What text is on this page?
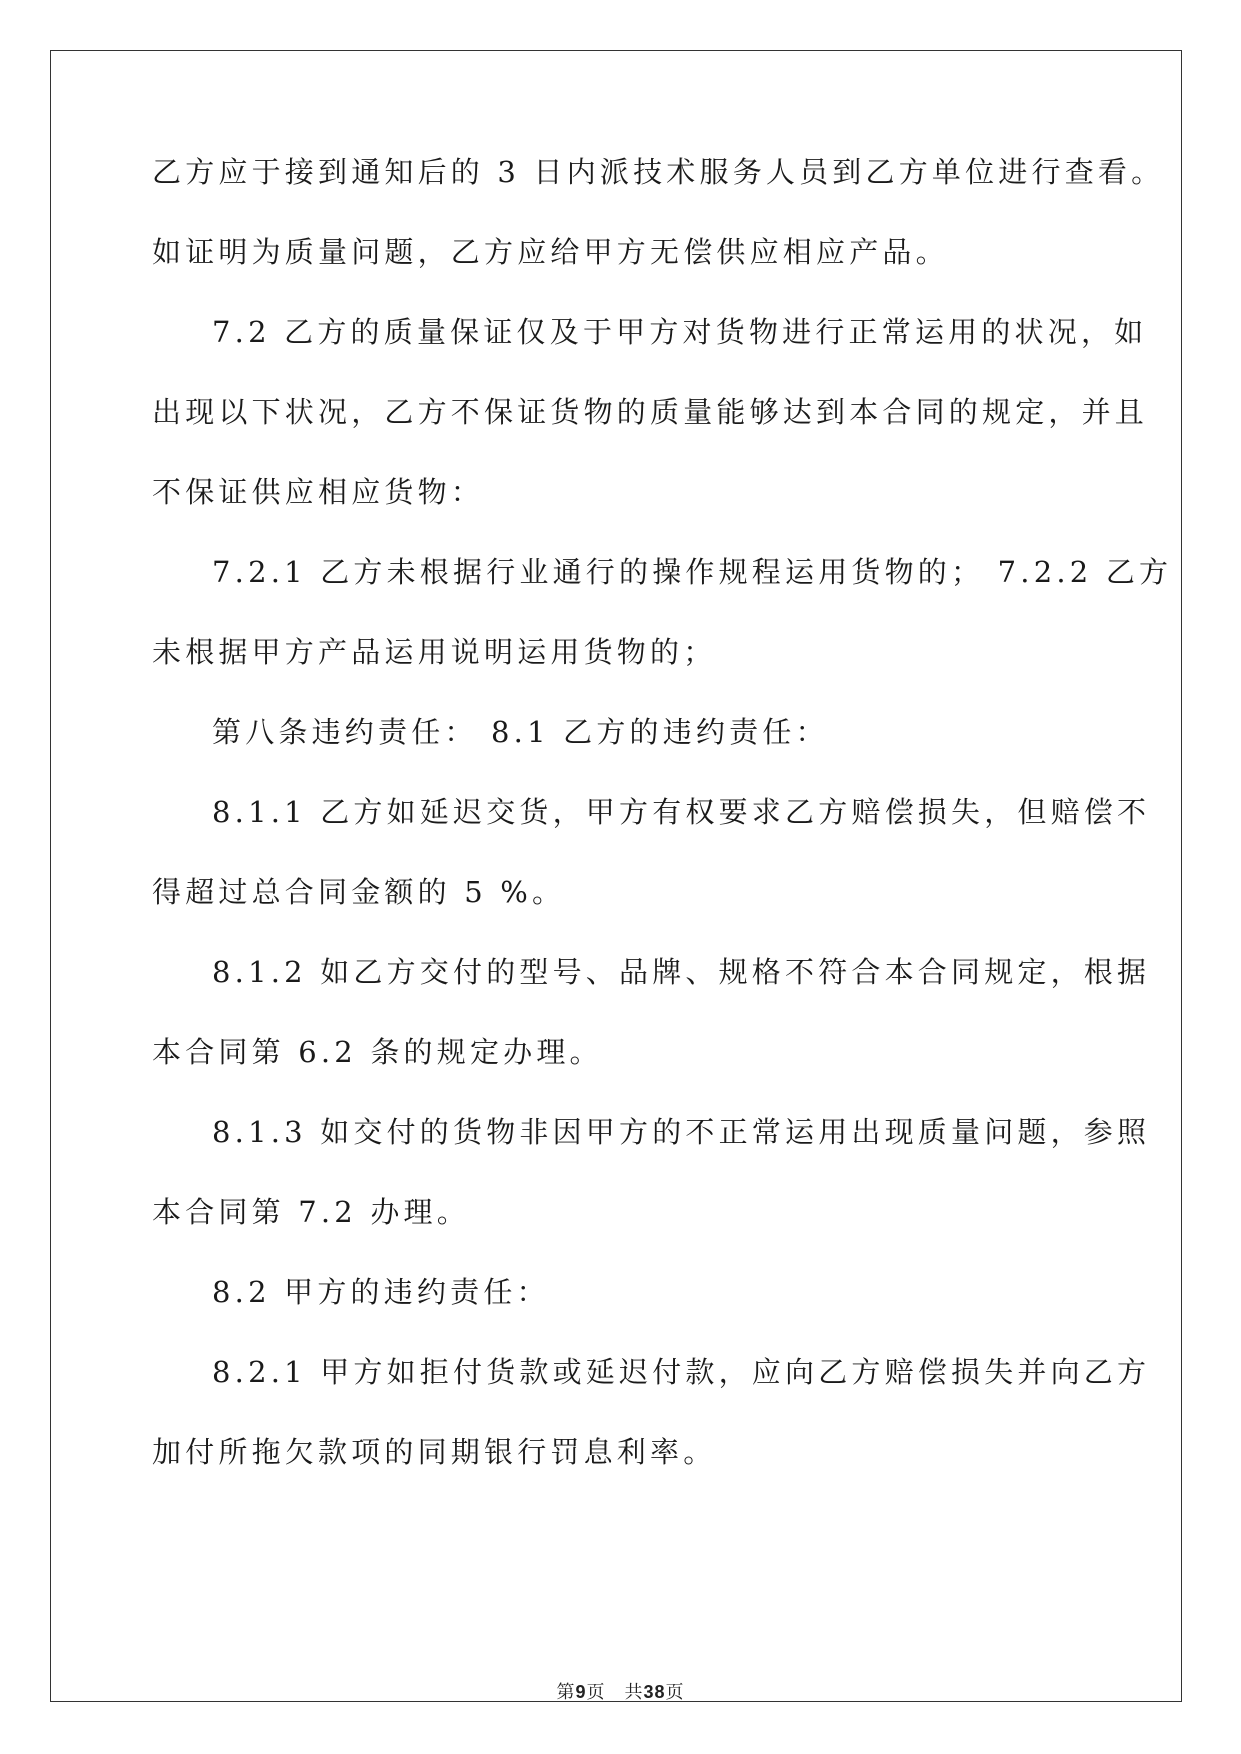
乙方应于接到通知后的 3 日内派技术服务人员到乙方单位进行查看。
如证明为质量问题，乙方应给甲方无偿供应相应产品。
7.2 乙方的质量保证仅及于甲方对货物进行正常运用的状况，如
出现以下状况，乙方不保证货物的质量能够达到本合同的规定，并且
不保证供应相应货物：
7.2.1 乙方未根据行业通行的操作规程运用货物的； 7.2.2 乙方
未根据甲方产品运用说明运用货物的；
第八条违约责任： 8.1 乙方的违约责任：
8.1.1 乙方如延迟交货，甲方有权要求乙方赔偿损失，但赔偿不
得超过总合同金额的 5 %。
8.1.2 如乙方交付的型号、品牌、规格不符合本合同规定，根据
本合同第 6.2 条的规定办理。
8.1.3 如交付的货物非因甲方的不正常运用出现质量问题，参照
本合同第 7.2 办理。
8.2 甲方的违约责任：
8.2.1 甲方如拒付货款或延迟付款，应向乙方赔偿损失并向乙方
加付所拖欠款项的同期银行罚息利率。
第9页　共38页
